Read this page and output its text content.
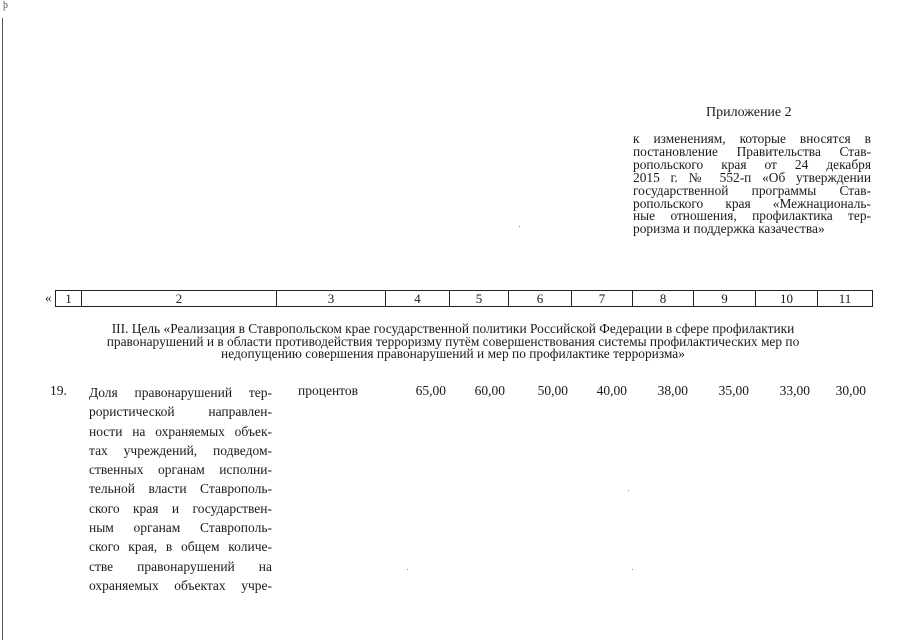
þ
Приложение 2
к изменениям, которые вносятся в
постановление Правительства Став-
ропольского края от 24 декабря
2015 г. № 552-п «Об утверждении
государственной программы Став-
ропольского края «Межнациональ-
ные отношения, профилактика тер-
роризма и поддержка казачества»
« 1	2	3	4	5	6	7	8	9	10	11
III. Цель «Реализация в Ставропольском крае государственной политики Российской Федерации в сфере профилактики
правонарушений и в области противодействия терроризму путём совершенствования системы профилактических мер по
недопущению совершения правонарушений и мер по профилактике терроризма»
19. Доля правонарушений тер-
рористической направлен-
ности на охраняемых объек-
тах учреждений, подведом-
ственных органам исполни-
тельной власти Ставрополь-
ского края и государствен-
ным органам Ставрополь-
ского края, в общем количе-
стве правонарушений на
охраняемых объектах учре-
процентов	65,00	60,00	50,00	40,00	38,00	35,00	33,00	30,00
